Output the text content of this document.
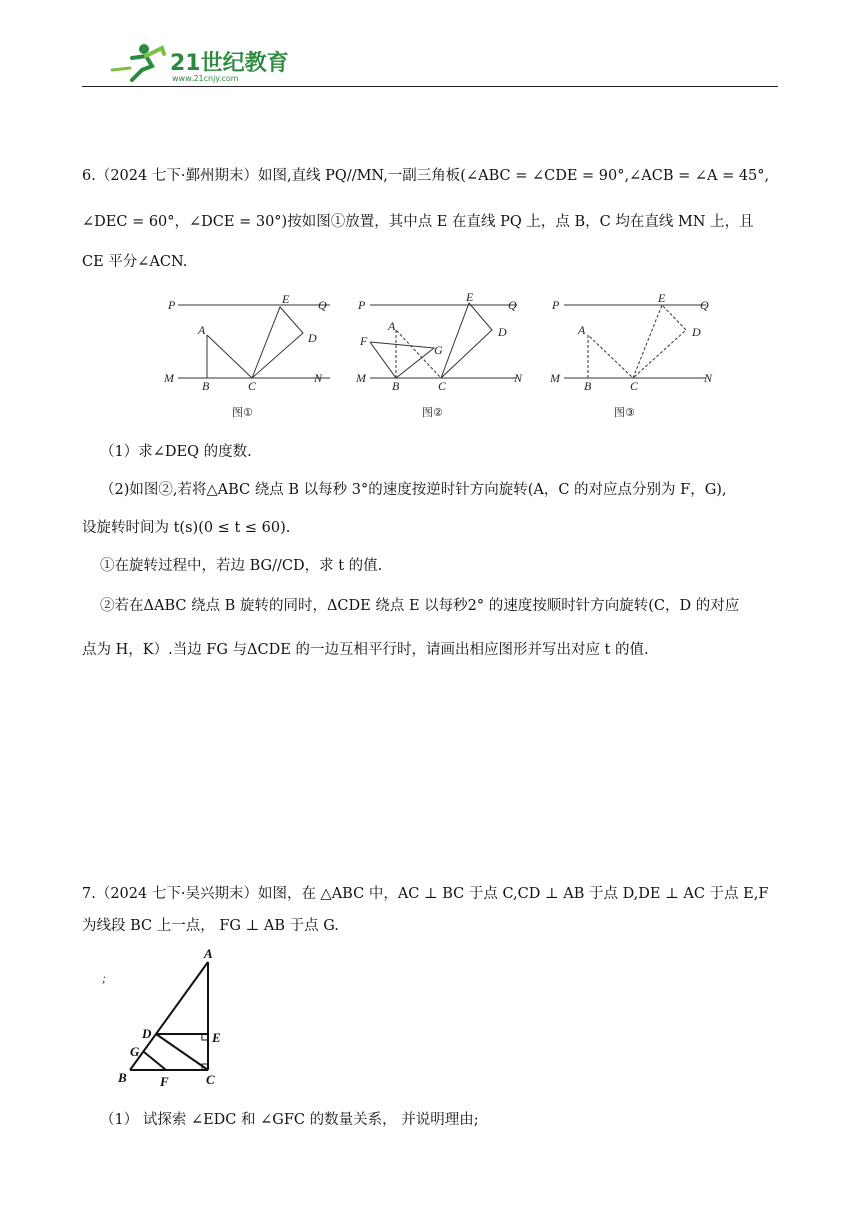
21世纪教育
www.21cnjy.com
6.（2024 七下·鄞州期末）如图,直线 PQ//MN,一副三角板(∠ABC = ∠CDE = 90°,∠ACB = ∠A = 45°,
∠DEC = 60°，∠DCE = 30°)按如图①放置，其中点 E 在直线 PQ 上，点 B，C 均在直线 MN 上，且
CE 平分∠ACN.
P	Q
M	N
A
B	C
E
D
图①
P	Q
M	N
A
F
G
B	C
E
D
图②
P	Q
M	N
A
B	C
E
D
图③
（1）求∠DEQ 的度数.
（2)如图②,若将△ABC 绕点 B 以每秒 3°的速度按逆时针方向旋转(A，C 的对应点分别为 F，G),
设旋转时间为 t(s)(0 ≤ t ≤ 60).
①在旋转过程中，若边 BG//CD，求 t 的值.
②若在ΔABC 绕点 B 旋转的同时，ΔCDE 绕点 E 以每秒2° 的速度按顺时针方向旋转(C，D 的对应
点为 H，K）.当边 FG 与ΔCDE 的一边互相平行时，请画出相应图形并写出对应 t 的值.
7.（2024 七下·吴兴期末）如图，在 △ABC 中，AC ⊥ BC 于点 C,CD ⊥ AB 于点 D,DE ⊥ AC 于点 E,F
为线段 BC 上一点， FG ⊥ AB 于点 G.
;
A
D	E
G
B	F	C
（1） 试探索 ∠EDC 和 ∠GFC 的数量关系， 并说明理由;
